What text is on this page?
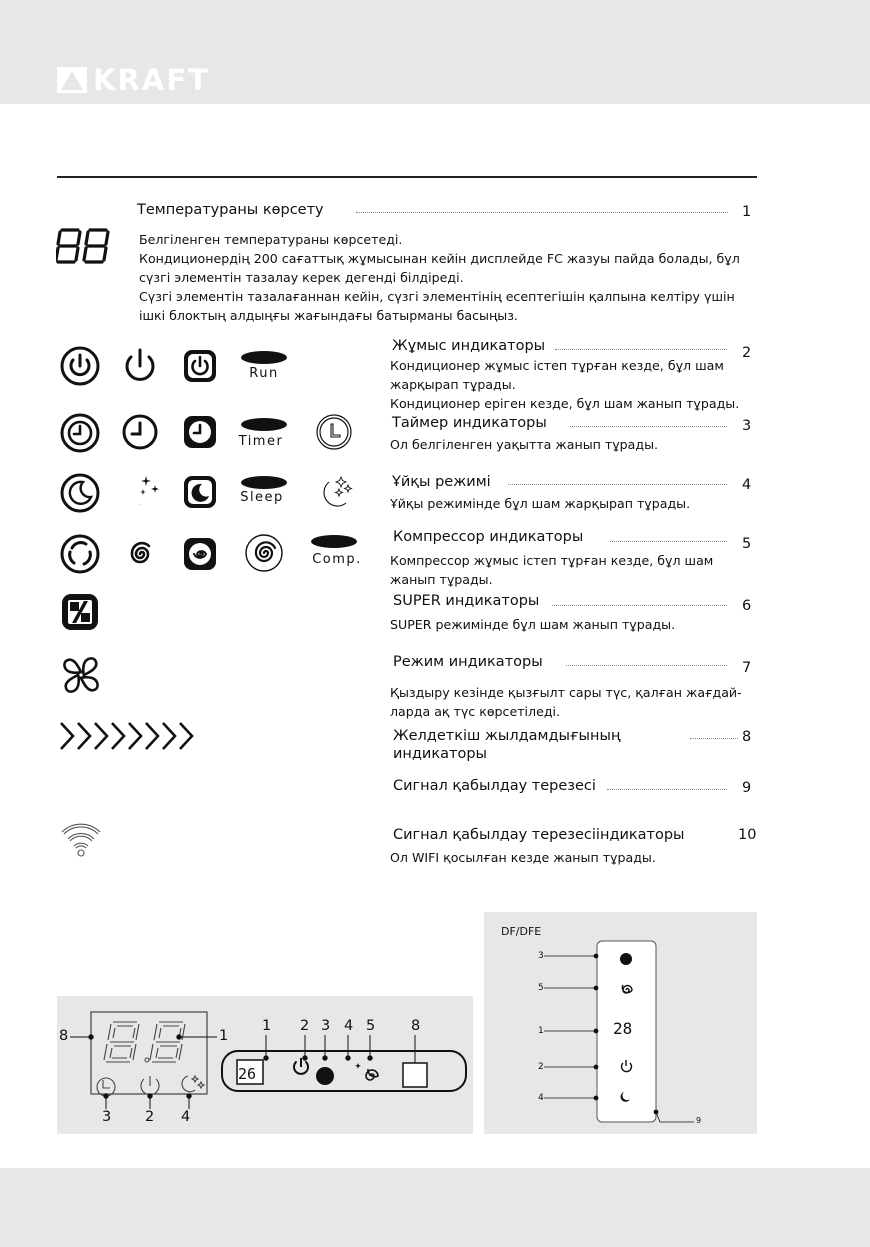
KRAFT
Температураны көрсету	1
Белгіленген температураны көрсетеді.
Кондиционердің 200 сағаттық жұмысынан кейін дисплейде FC жазуы пайда болады, бұл
сүзгі элементін тазалау керек дегенді білдіреді.
Сүзгі элементін тазалағаннан кейін, сүзгі элементінің есептегішін қалпына келтіру үшін
ішкі блоктың алдыңғы жағындағы батырманы басыңыз.
Run
Жұмыс индикаторы	2
Кондиционер жұмыс істеп тұрған кезде, бұл шам
жарқырап тұрады.
Кондиционер еріген кезде, бұл шам жанып тұрады.
Timer
Таймер индикаторы	3
Ол белгіленген уақытта жанып тұрады.
Sleep
Ұйқы режимі	4
Ұйқы режимінде бұл шам жарқырап тұрады.
Comp.
Компрессор индикаторы	5
Компрессор жұмыс істеп тұрған кезде, бұл шам
жанып тұрады.
SUPER индикаторы	6
SUPER режимінде бұл шам жанып тұрады.
Режим индикаторы	7
Қыздыру кезінде қызғылт сары түс, қалған жағдай-
ларда ақ түс көрсетіледі.
Желдеткіш жылдамдығының
индикаторы
8
Сигнал қабылдау терезесі	9
Сигнал қабылдау терезесііндикаторы	10
Ол WIFI қосылған кезде жанып тұрады.
26
8	1
3 2 4
1 2 3 4 5 8
DF/DFE
28
3
5
1
2
4
9
